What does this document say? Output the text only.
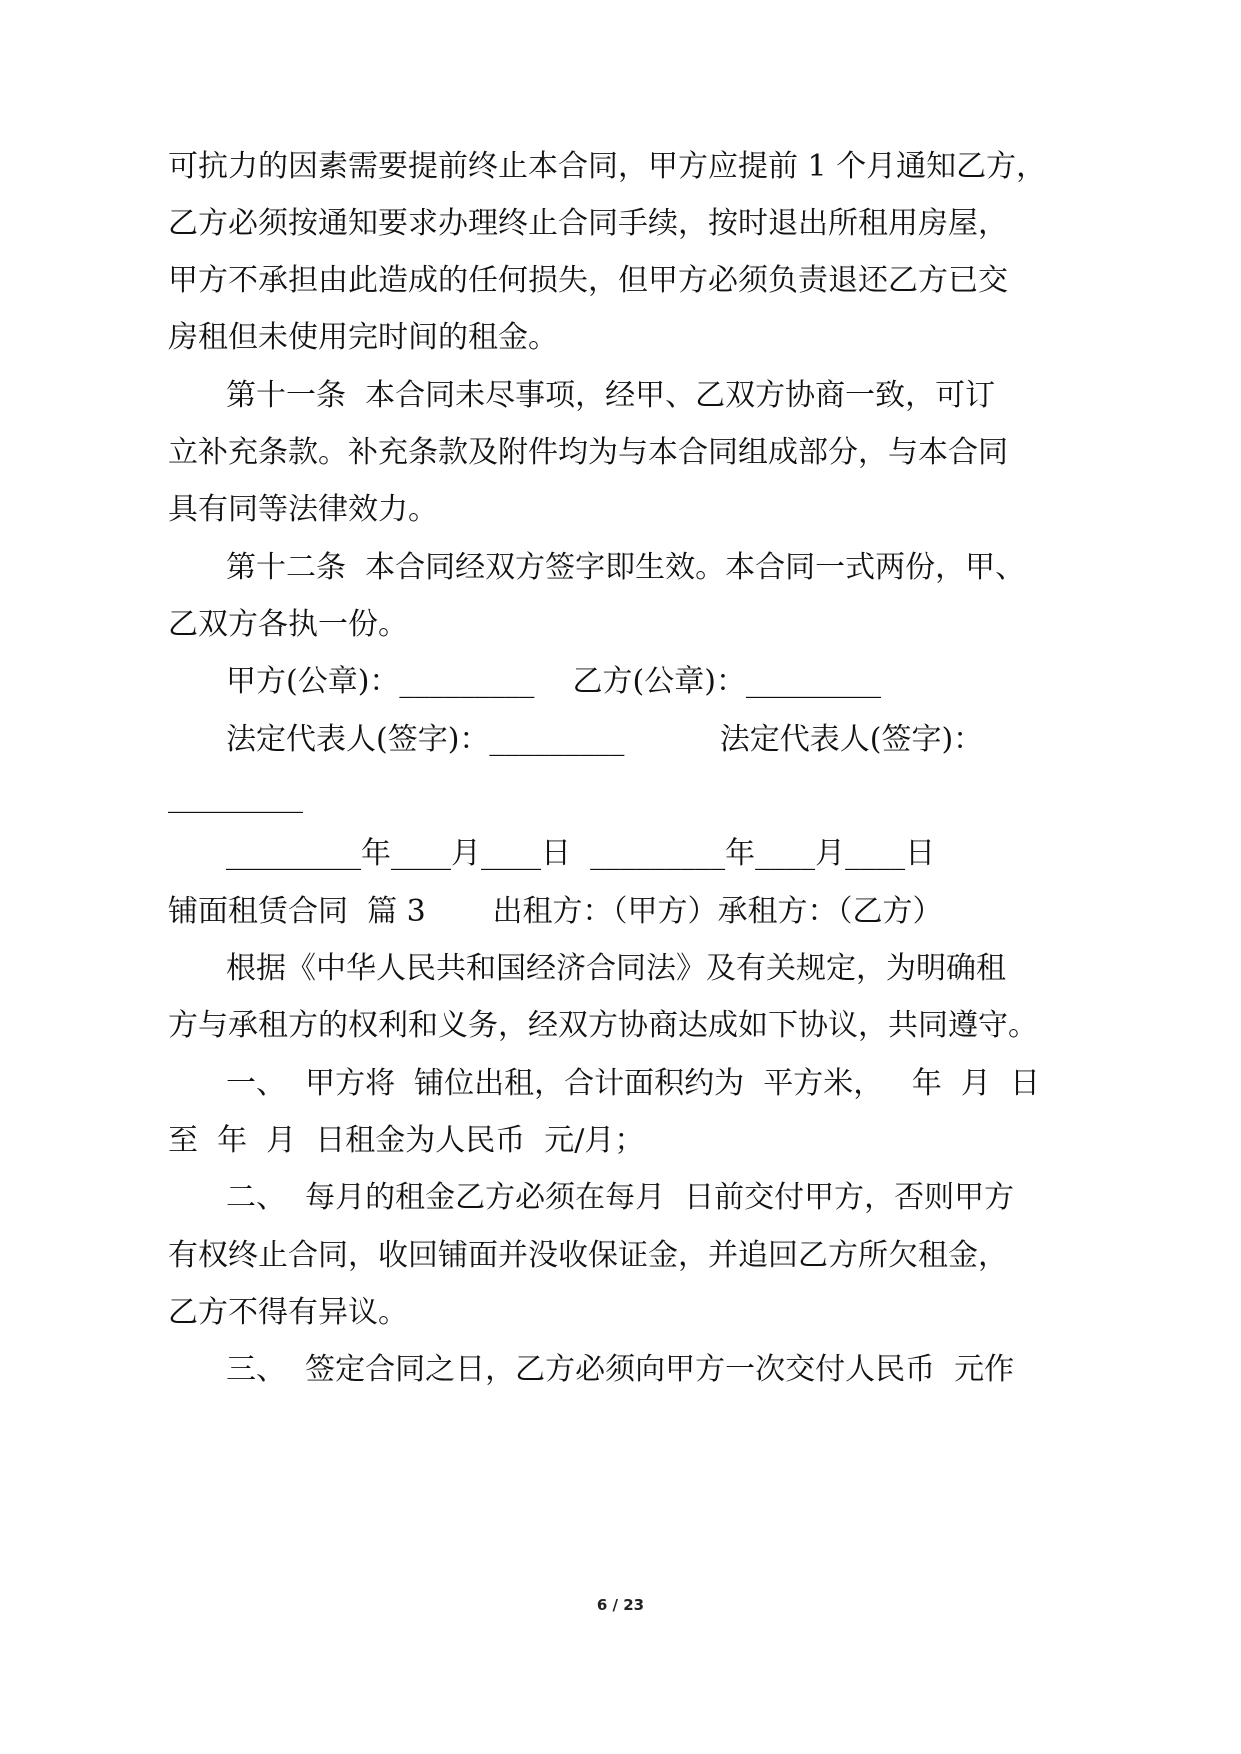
可抗力的因素需要提前终止本合同，甲方应提前 1 个月通知乙方，
乙方必须按通知要求办理终止合同手续，按时退出所租用房屋，
甲方不承担由此造成的任何损失，但甲方必须负责退还乙方已交
房租但未使用完时间的租金。
第十一条  本合同未尽事项，经甲、乙双方协商一致，可订
立补充条款。补充条款及附件均为与本合同组成部分，与本合同
具有同等法律效力。
第十二条  本合同经双方签字即生效。本合同一式两份，甲、
乙双方各执一份。
甲方(公章)：_________    乙方(公章)：_________
法定代表人(签字)：_________          法定代表人(签字)：
_________
_________年____月____日  _________年____月____日
铺面租赁合同  篇 3       出租方：（甲方）承租方：（乙方）
根据《中华人民共和国经济合同法》及有关规定，为明确租
方与承租方的权利和义务，经双方协商达成如下协议，共同遵守。
一、  甲方将  铺位出租，合计面积约为  平方米，   年  月  日
至  年  月  日租金为人民币  元/月；
二、  每月的租金乙方必须在每月  日前交付甲方，否则甲方
有权终止合同，收回铺面并没收保证金，并追回乙方所欠租金，
乙方不得有异议。
三、  签定合同之日，乙方必须向甲方一次交付人民币  元作
6 / 23
